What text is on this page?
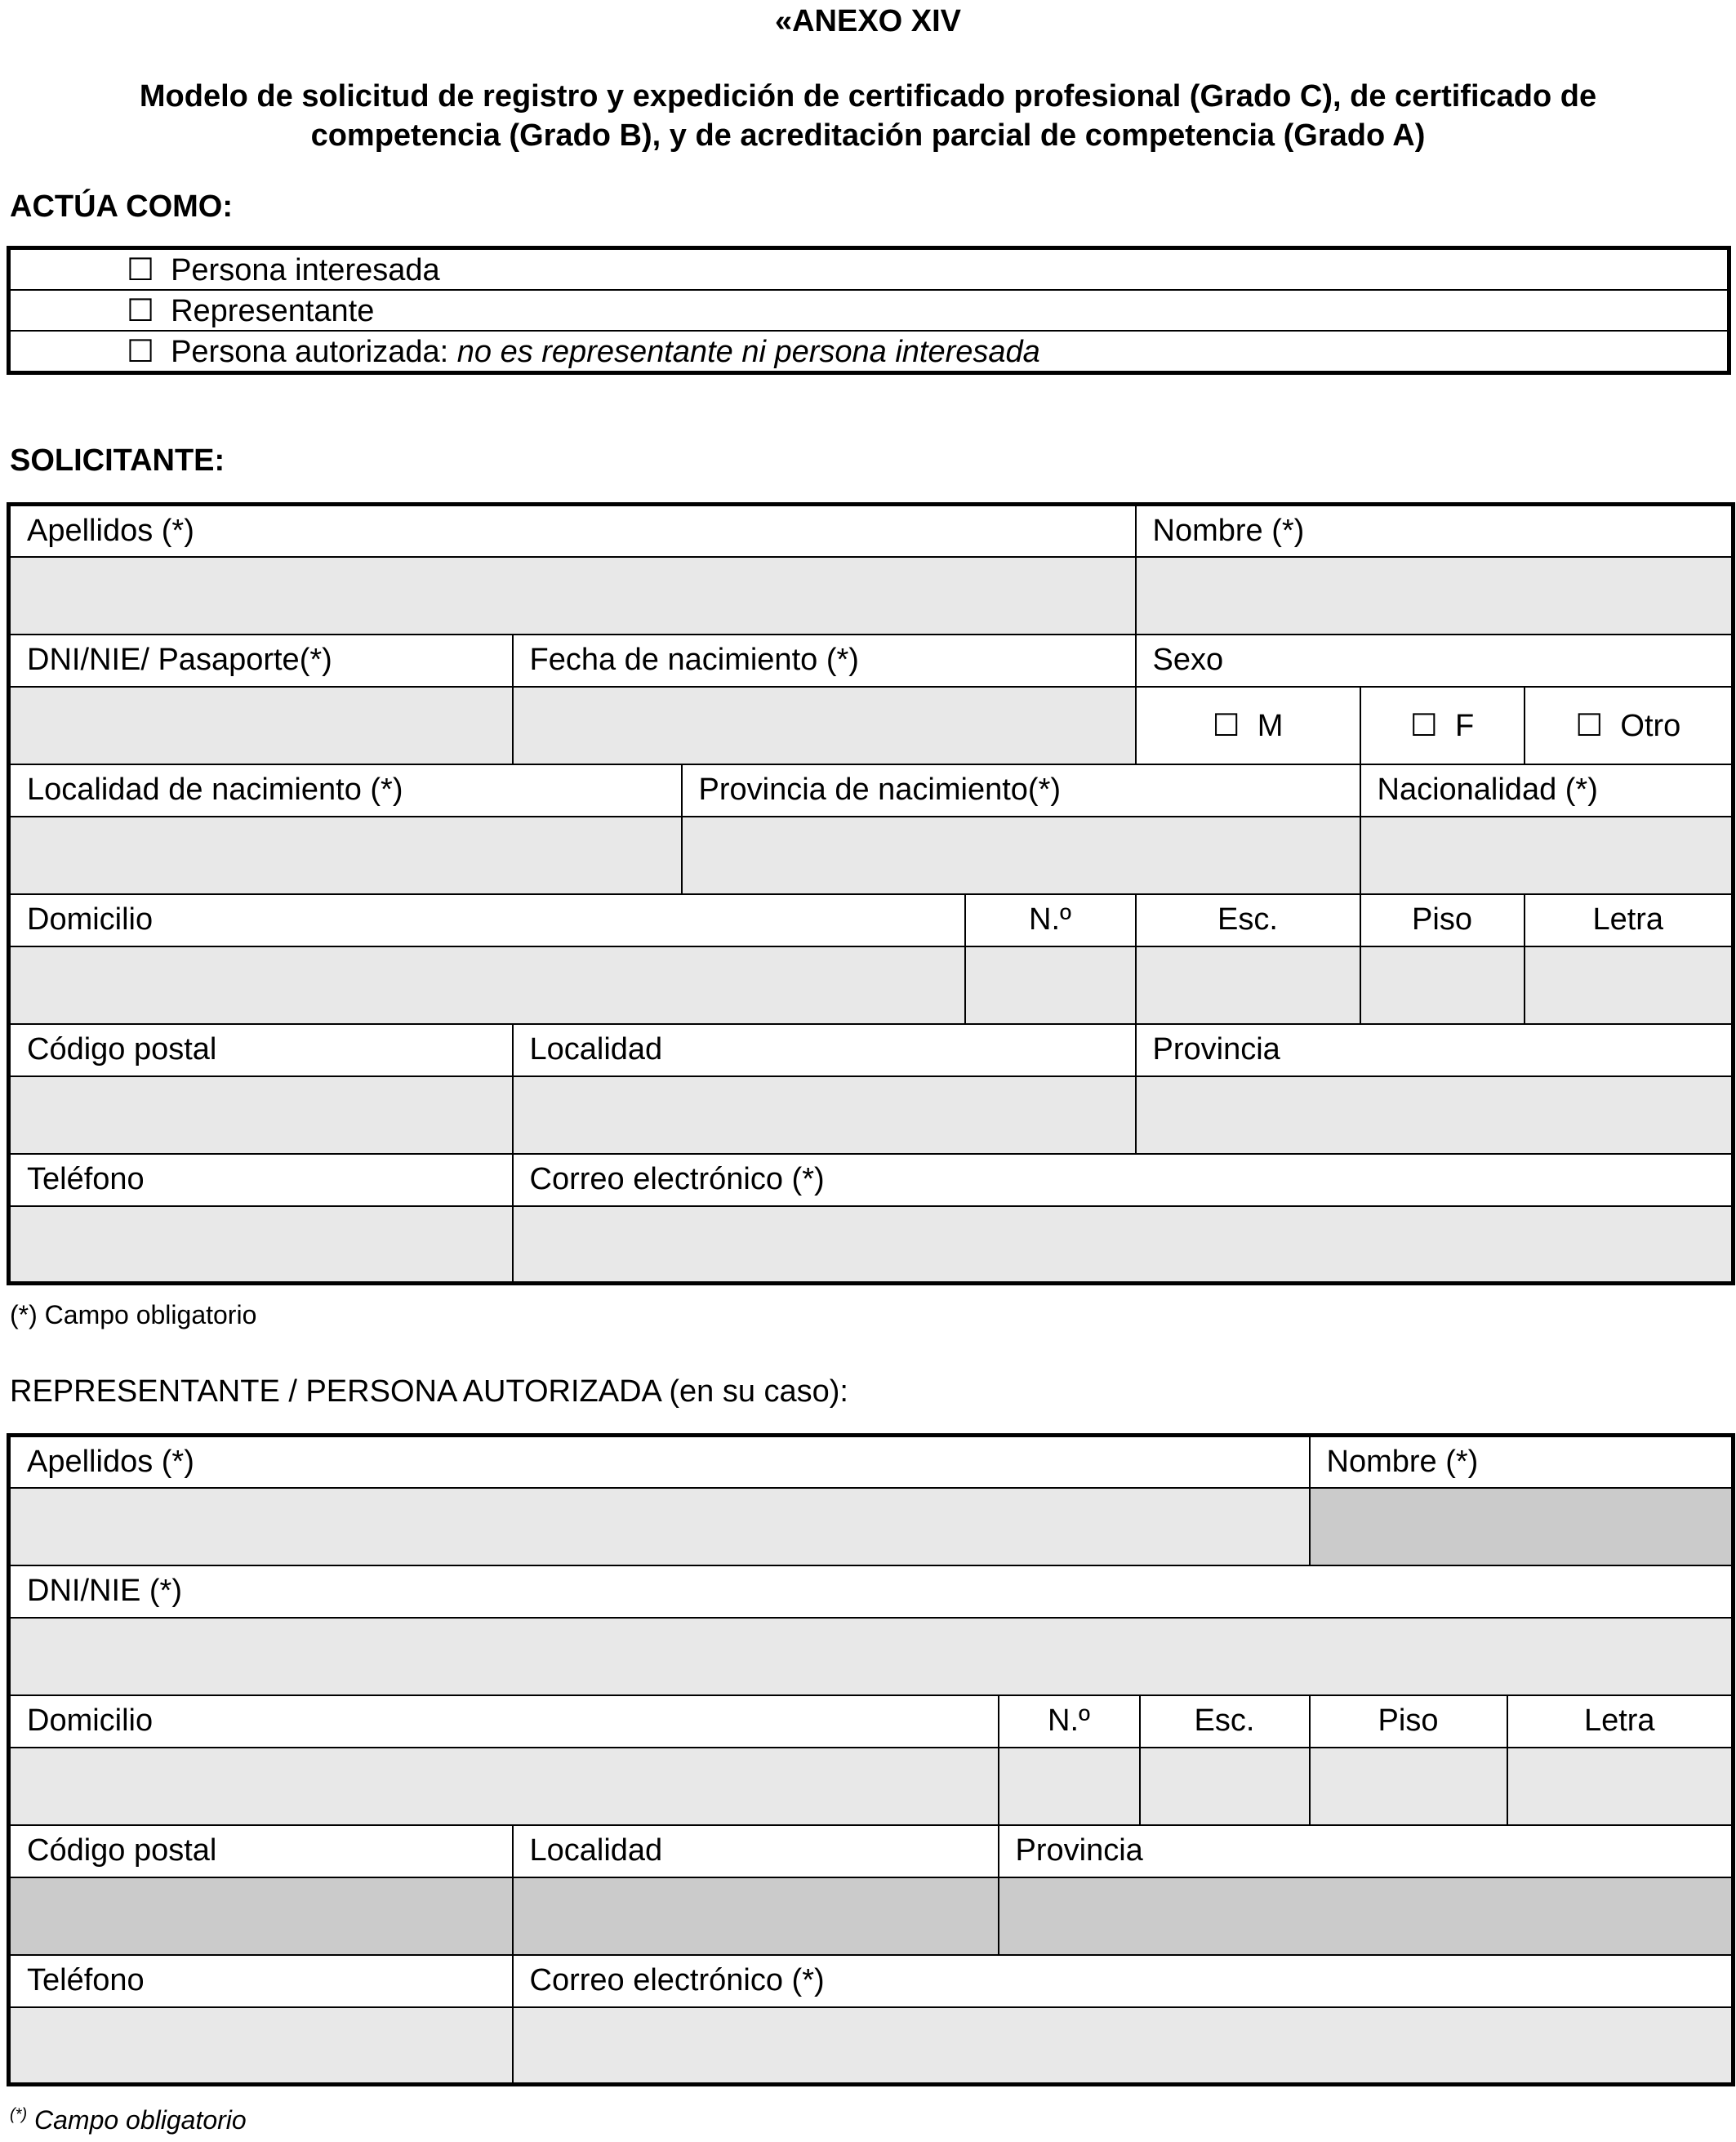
«ANEXO XIV
Modelo de solicitud de registro y expedición de certificado profesional (Grado C), de certificado de
competencia (Grado B), y de acreditación parcial de competencia (Grado A)
ACTÚA COMO:
☐ Persona interesada
☐ Representante
☐ Persona autorizada: no es representante ni persona interesada
SOLICITANTE:
Apellidos (*)				Nombre (*)		

DNI/NIE/ Pasaporte(*)	Fecha de nacimiento (*)			Sexo		
				☐ M	☐ F	☐ Otro
Localidad de nacimiento (*)		Provincia de nacimiento(*)			Nacionalidad (*)	

Domicilio			N.º	Esc.	Piso	Letra

Código postal	Localidad			Provincia		

Teléfono	Correo electrónico (*)					

(*) Campo obligatorio
REPRESENTANTE / PERSONA AUTORIZADA (en su caso):
Apellidos (*)				Nombre (*)	

DNI/NIE (*)					

Domicilio		N.º	Esc.	Piso	Letra

Código postal	Localidad	Provincia			

Teléfono	Correo electrónico (*)				

(*) Campo obligatorio
